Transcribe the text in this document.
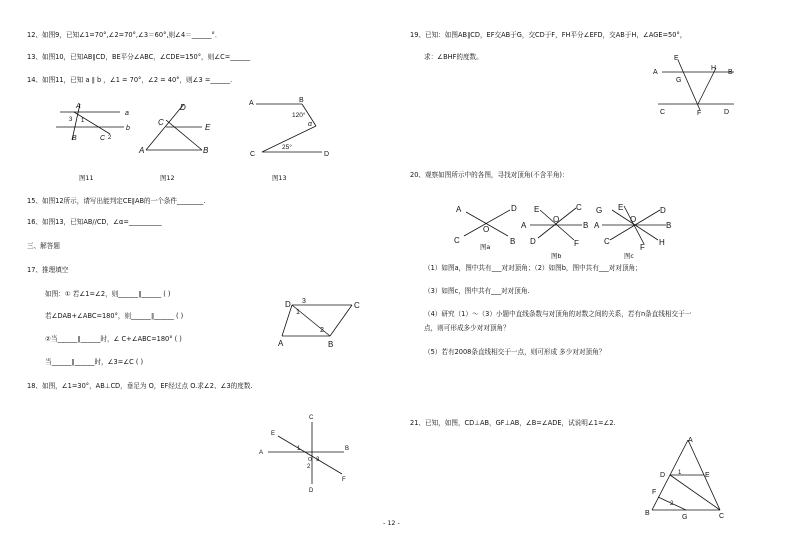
12、如图9，已知∠1=70°,∠2=70°,∠3＝60°,则∠4＝______°．
13、如图10，已知AB∥CD，BE平分∠ABC，∠CDE=150°，则∠C=______
14、如图11，已知 a ∥ b ，∠1 = 70°，∠2 = 40°，则∠3 =______.
a
b
A
B	C
1
2
3
A	B
C
D
E
A	B
C	D
120°
25°
α
图11	图12	图13
15、如图12所示，请写出能判定CE∥AB的一个条件________.
16、如图13，已知AB//CD，∠α=__________
三、解答题
17、推理填空
如图：① 若∠1=∠2，则______∥______ ( )
若∠DAB+∠ABC=180°，则______∥______ ( )
②当______∥______时，∠ C+∠ABC=180° ( )
当______∥______时，∠3=∠C ( )
D	C
A	B
3
1
2
18、如图，∠1=30°，AB⊥CD，垂足为 O，EF经过点 O.求∠2、∠3的度数.
C
D
A
B
E
F
O
1
2
3
- 12 -
19、已知：如图AB∥CD，EF交AB于G，交CD于F，FH平分∠EFD，交AB于H，∠AGE=50°，
求：∠BHF的度数。
A	B
C	D
E
F
G
H
20、观察如图所示中的各图，寻找对顶角(不含平角)：
A	D
C	B
O	A	B
C
D
E
F
O
A	B
C
D
E
F
G
H
O
图a
图b	图c
（1）如图a，图中共有___对对顶角；（2）如图b，图中共有___对对顶角；
（3）如图c，图中共有___对对顶角.
（4）研究（1）～（3）小题中直线条数与对顶角的对数之间的关系，若有n条直线相交于一
点，则可形成多少对对顶角？
（5）若有2008条直线相交于一点，则可形成 多少对对顶角？
21、已知，如图，CD⊥AB，GF⊥AB，∠B=∠ADE，试说明∠1=∠2.
A
B	C
D	E
F
G
1
2
